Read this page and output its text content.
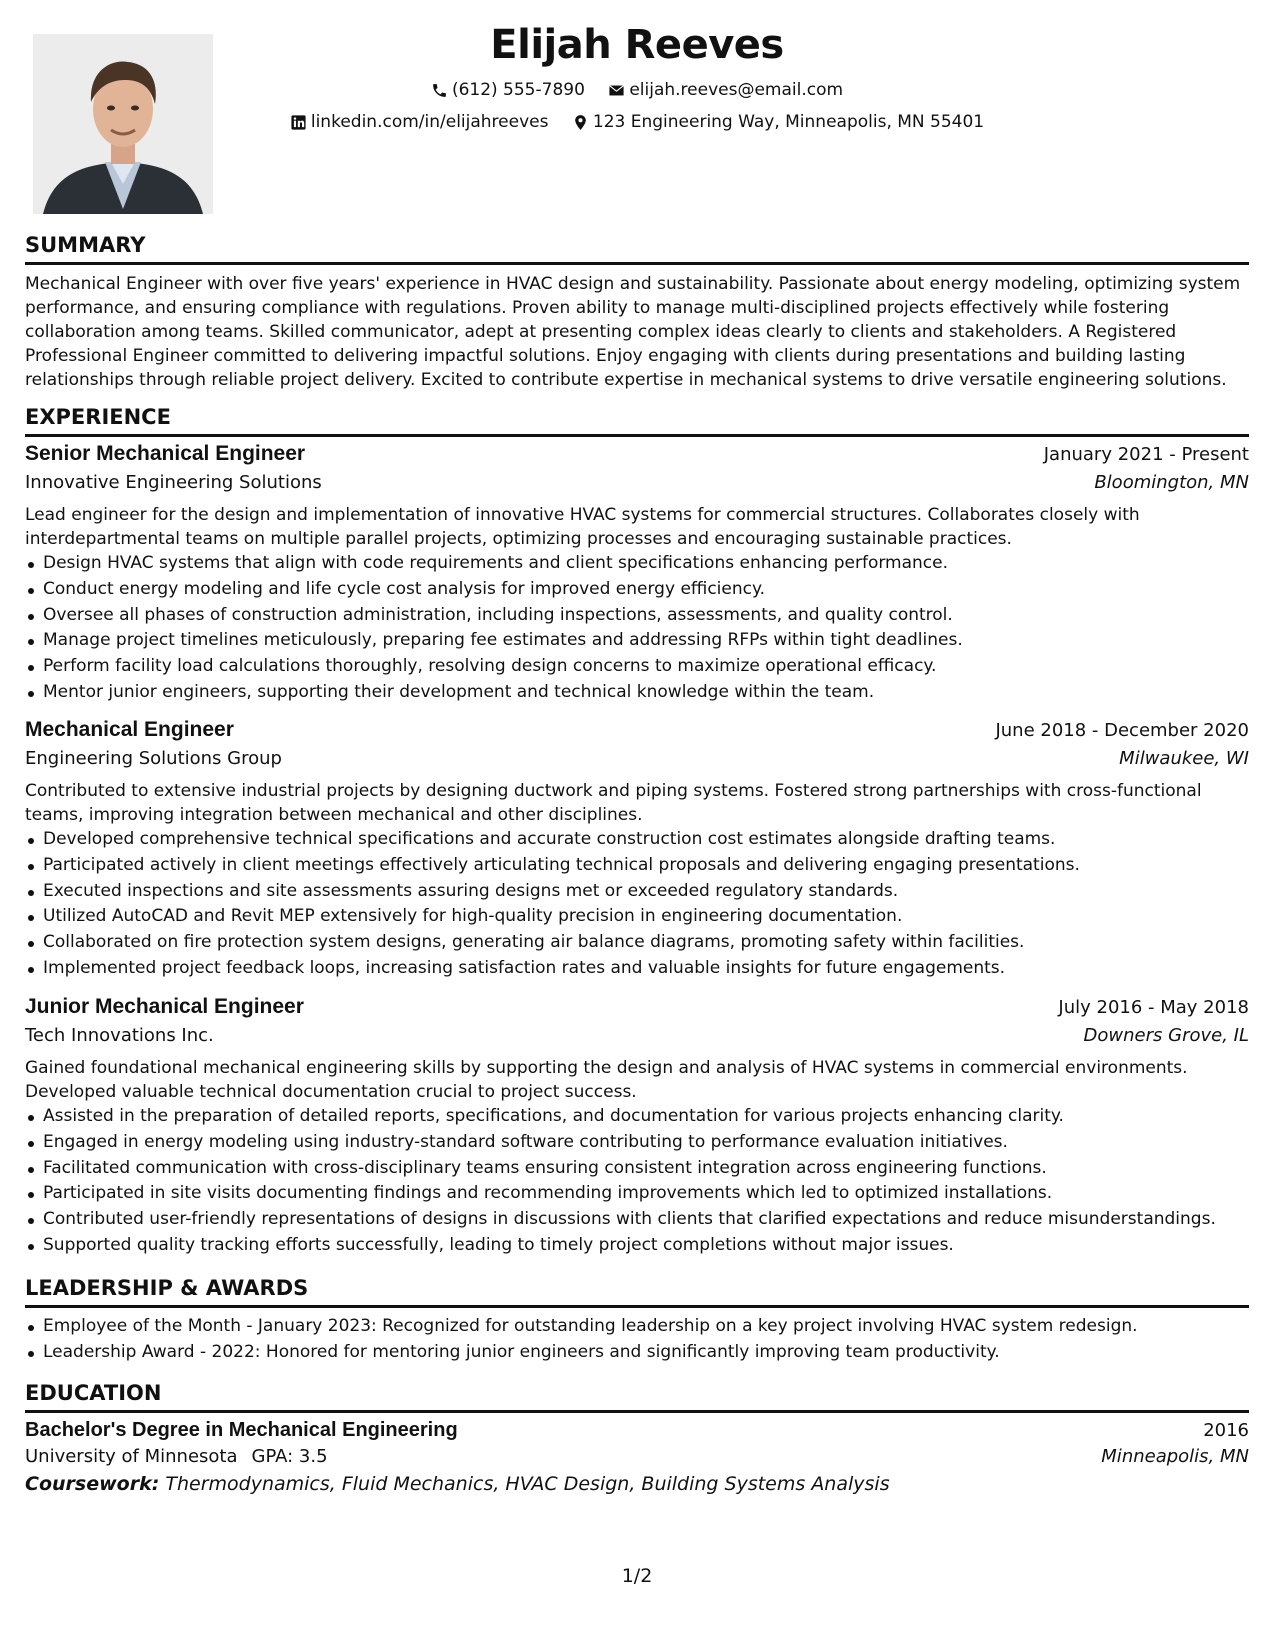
Elijah Reeves
(612) 555-7890
	elijah.reeves@email.com
linkedin.com/in/elijahreeves
	123 Engineering Way, Minneapolis, MN 55401
SUMMARY

Mechanical Engineer with over five years' experience in HVAC design and sustainability. Passionate about energy modeling, optimizing system performance, and ensuring compliance with regulations. Proven ability to manage multi-disciplined projects effectively while fostering collaboration among teams. Skilled communicator, adept at presenting complex ideas clearly to clients and stakeholders. A Registered Professional Engineer committed to delivering impactful solutions. Enjoy engaging with clients during presentations and building lasting relationships through reliable project delivery. Excited to contribute expertise in mechanical systems to drive versatile engineering solutions.

EXPERIENCE
Senior Mechanical Engineer	January 2021 - Present
Innovative Engineering Solutions	Bloomington, MN

Lead engineer for the design and implementation of innovative HVAC systems for commercial structures. Collaborates closely with interdepartmental teams on multiple parallel projects, optimizing processes and encouraging sustainable practices.

Design HVAC systems that align with code requirements and client specifications enhancing performance.
Conduct energy modeling and life cycle cost analysis for improved energy efficiency.
Oversee all phases of construction administration, including inspections, assessments, and quality control.
Manage project timelines meticulously, preparing fee estimates and addressing RFPs within tight deadlines.
Perform facility load calculations thoroughly, resolving design concerns to maximize operational efficacy.
Mentor junior engineers, supporting their development and technical knowledge within the team.
Mechanical Engineer	June 2018 - December 2020
Engineering Solutions Group	Milwaukee, WI

Contributed to extensive industrial projects by designing ductwork and piping systems. Fostered strong partnerships with cross-functional teams, improving integration between mechanical and other disciplines.

Developed comprehensive technical specifications and accurate construction cost estimates alongside drafting teams.
Participated actively in client meetings effectively articulating technical proposals and delivering engaging presentations.
Executed inspections and site assessments assuring designs met or exceeded regulatory standards.
Utilized AutoCAD and Revit MEP extensively for high-quality precision in engineering documentation.
Collaborated on fire protection system designs, generating air balance diagrams, promoting safety within facilities.
Implemented project feedback loops, increasing satisfaction rates and valuable insights for future engagements.
Junior Mechanical Engineer	July 2016 - May 2018
Tech Innovations Inc.	Downers Grove, IL

Gained foundational mechanical engineering skills by supporting the design and analysis of HVAC systems in commercial environments. Developed valuable technical documentation crucial to project success.

Assisted in the preparation of detailed reports, specifications, and documentation for various projects enhancing clarity.
Engaged in energy modeling using industry-standard software contributing to performance evaluation initiatives.
Facilitated communication with cross-disciplinary teams ensuring consistent integration across engineering functions.
Participated in site visits documenting findings and recommending improvements which led to optimized installations.
Contributed user-friendly representations of designs in discussions with clients that clarified expectations and reduce misunderstandings.
Supported quality tracking efforts successfully, leading to timely project completions without major issues.
LEADERSHIP & AWARDS
Employee of the Month - January 2023: Recognized for outstanding leadership on a key project involving HVAC system redesign.
Leadership Award - 2022: Honored for mentoring junior engineers and significantly improving team productivity.
EDUCATION
Bachelor's Degree in Mechanical Engineering	2016
University of Minnesota GPA: 3.5	Minneapolis, MN
Coursework: Thermodynamics, Fluid Mechanics, HVAC Design, Building Systems Analysis
1/2
